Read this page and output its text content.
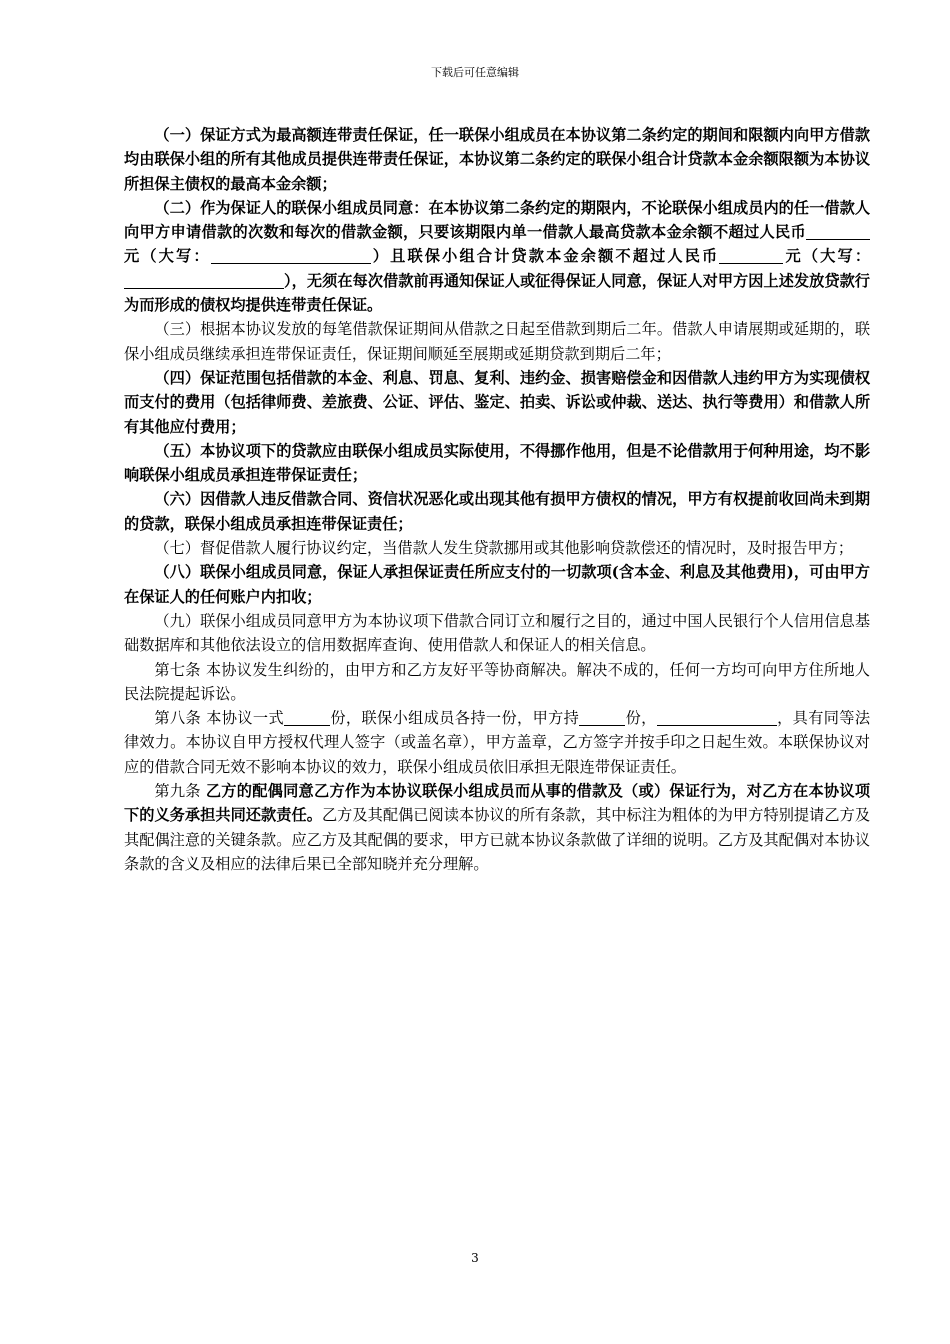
下载后可任意编辑

（一）保证方式为最高额连带责任保证，任一联保小组成员在本协议第二条约定的期间和限额内向甲方借款均由联保小组的所有其他成员提供连带责任保证，本协议第二条约定的联保小组合计贷款本金余额限额为本协议所担保主债权的最高本金余额；

（二）作为保证人的联保小组成员同意：在本协议第二条约定的期限内，不论联保小组成员内的任一借款人向甲方申请借款的次数和每次的借款金额，只要该期限内单一借款人最高贷款本金余额不超过人民币元（大写：	）且联保小组合计贷款本金余额不超过人民币	元（大写：），无须在每次借款前再通知保证人或征得保证人同意，保证人对甲方因上述发放贷款行为而形成的债权均提供连带责任保证。

（三）根据本协议发放的每笔借款保证期间从借款之日起至借款到期后二年。借款人申请展期或延期的，联保小组成员继续承担连带保证责任，保证期间顺延至展期或延期贷款到期后二年；

（四）保证范围包括借款的本金、利息、罚息、复利、违约金、损害赔偿金和因借款人违约甲方为实现债权而支付的费用（包括律师费、差旅费、公证、评估、鉴定、拍卖、诉讼或仲裁、送达、执行等费用）和借款人所有其他应付费用；

（五）本协议项下的贷款应由联保小组成员实际使用，不得挪作他用，但是不论借款用于何种用途，均不影响联保小组成员承担连带保证责任；

（六）因借款人违反借款合同、资信状况恶化或出现其他有损甲方债权的情况，甲方有权提前收回尚未到期的贷款，联保小组成员承担连带保证责任；

（七）督促借款人履行协议约定，当借款人发生贷款挪用或其他影响贷款偿还的情况时，及时报告甲方；

（八）联保小组成员同意，保证人承担保证责任所应支付的一切款项(含本金、利息及其他费用)，可由甲方在保证人的任何账户内扣收；

（九）联保小组成员同意甲方为本协议项下借款合同订立和履行之目的，通过中国人民银行个人信用信息基础数据库和其他依法设立的信用数据库查询、使用借款人和保证人的相关信息。

第七条 本协议发生纠纷的，由甲方和乙方友好平等协商解决。解决不成的，任何一方均可向甲方住所地人民法院提起诉讼。

第八条 本协议一式	份，联保小组成员各持一份，甲方持	份，	，具有同等法律效力。本协议自甲方授权代理人签字（或盖名章），甲方盖章，乙方签字并按手印之日起生效。本联保协议对应的借款合同无效不影响本协议的效力，联保小组成员依旧承担无限连带保证责任。

第九条 乙方的配偶同意乙方作为本协议联保小组成员而从事的借款及（或）保证行为，对乙方在本协议项下的义务承担共同还款责任。乙方及其配偶已阅读本协议的所有条款，其中标注为粗体的为甲方特别提请乙方及其配偶注意的关键条款。应乙方及其配偶的要求，甲方已就本协议条款做了详细的说明。乙方及其配偶对本协议条款的含义及相应的法律后果已全部知晓并充分理解。

3
